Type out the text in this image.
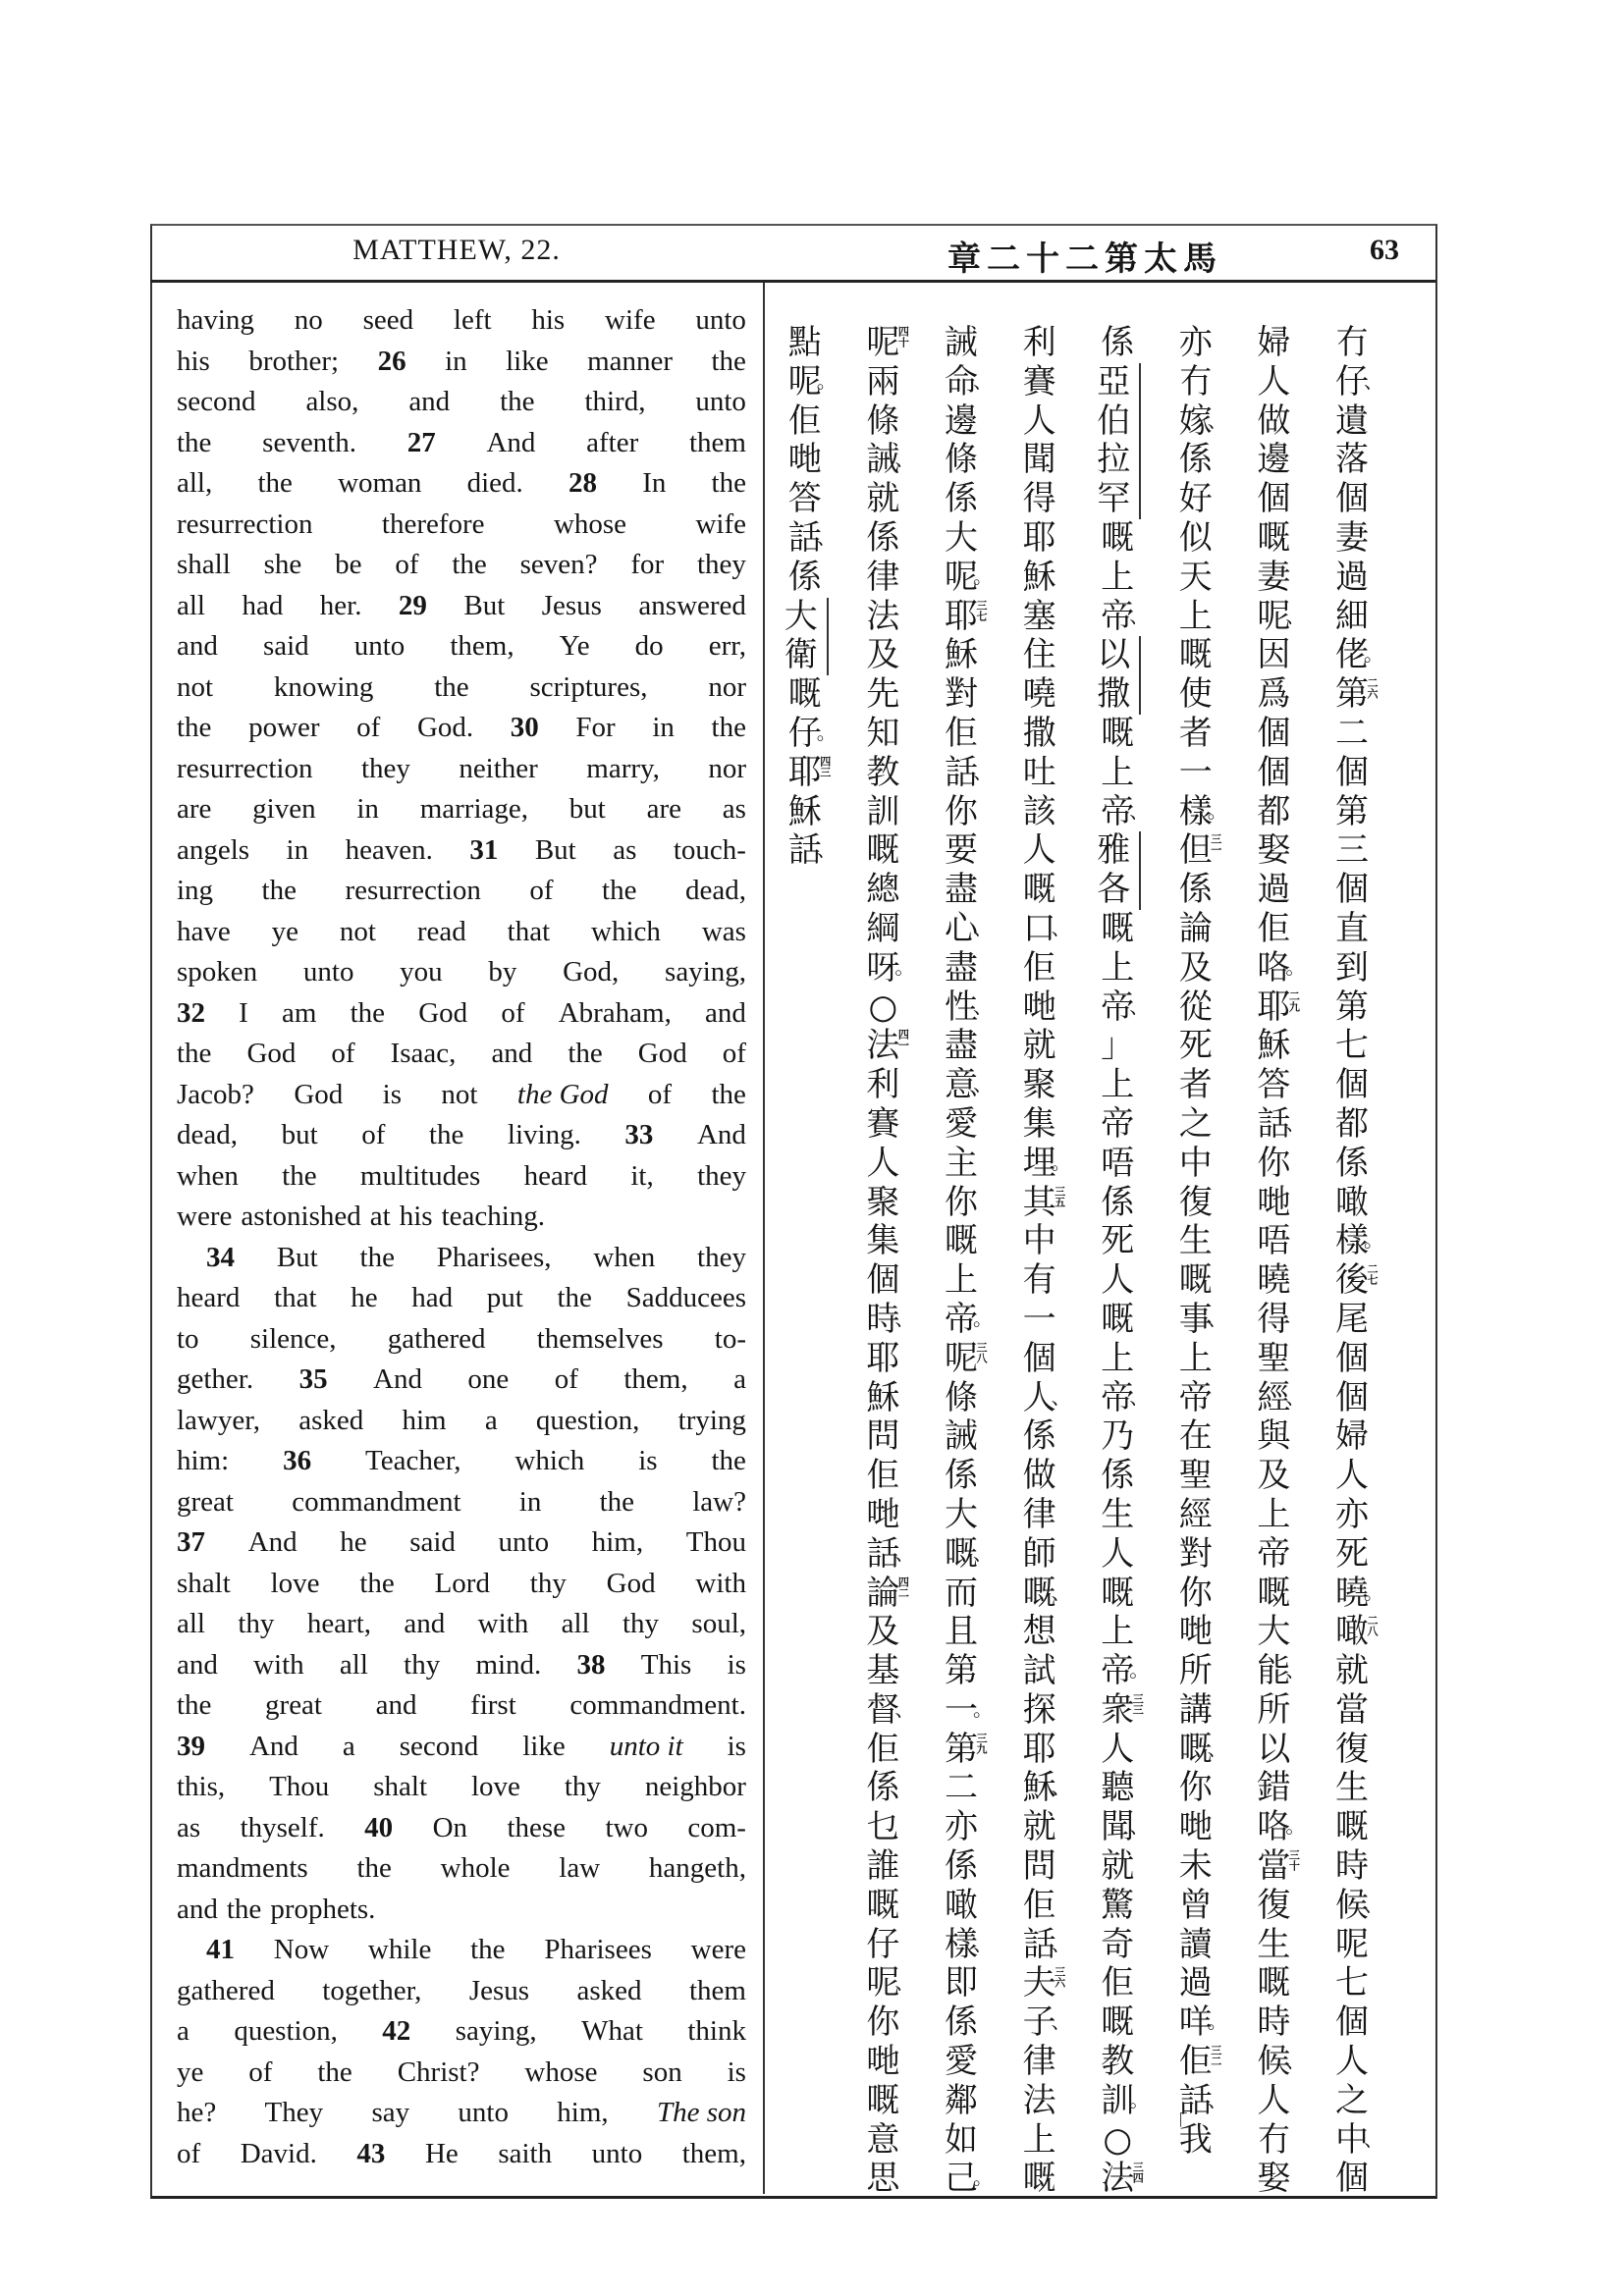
MATTHEW, 22.	馬太第二十二章	63
having no seed left his wife unto
his brother; 26 in like manner the
second also, and the third, unto
the seventh. 27 And after them
all, the woman died. 28 In the
resurrection therefore whose wife
shall she be of the seven? for they
all had her. 29 But Jesus answered
and said unto them, Ye do err,
not knowing the scriptures, nor
the power of God. 30 For in the
resurrection they neither marry, nor
are given in marriage, but are as
angels in heaven. 31 But as touch-
ing the resurrection of the dead,
have ye not read that which was
spoken unto you by God, saying,
32 I am the God of Abraham, and
the God of Isaac, and the God of
Jacob? God is not the God of the
dead, but of the living. 33 And
when the multitudes heard it, they
were astonished at his teaching.
34 But the Pharisees, when they
heard that he had put the Sadducees
to silence, gathered themselves to-
gether. 35 And one of them, a
lawyer, asked him a question, trying
him: 36 Teacher, which is the
great commandment in the law?
37 And he said unto him, Thou
shalt love the Lord thy God with
all thy heart, and with all thy soul,
and with all thy mind. 38 This is
the great and first commandment.
39 And a second like unto it is
this, Thou shalt love thy neighbor
as thyself. 40 On these two com-
mandments the whole law hangeth,
and the prophets.
41 Now while the Pharisees were
gathered together, Jesus asked them
a question, 42 saying, What think
ye of the Christ? whose son is
he? They say unto him, The son
of David. 43 He saith unto them,
冇
仔
、
遺
落
個
妻
過
細
佬
。
第
二六
二
個
第
三
個
直
到
第
七
個
都
係
噉
樣
。
後
二七
尾
個
個
婦
人
亦
死
曉
。
噉
二八
就
當
復
生
嘅
時
候
、
呢
七
個
人
之
中
、
個
婦
人
做
邊
個
嘅
妻
呢
、
因
爲
個
個
都
娶
過
佢
咯
。
耶
二九
穌
答
話
、
你
哋
唔
曉
得
聖
經
、
與
及
上
帝
嘅
大
能
、
所
以
錯
咯
。
當
三十
復
生
嘅
時
候
、
人
冇
娶
亦
冇
嫁
、
係
好
似
天
上
嘅
使
者
一
樣
。
但
三一
係
論
及
從
死
者
之
中
復
生
嘅
事
、
上
帝
在
聖
經
對
你
哋
所
講
嘅
、
你
哋
未
曾
讀
過
咩
。
佢
三二
話
、
我
「
係
亞
伯
拉
罕
嘅
上
帝
、
以
撒
嘅
上
帝
、
雅
各
嘅
上
帝
、
」
上
帝
唔
係
死
人
嘅
上
帝
、
乃
係
生
人
嘅
上
帝
。
衆
三三
人
聽
聞
、
就
驚
奇
佢
嘅
教
訓
。
○
法
三四
利
賽
人
聞
得
耶
穌
塞
住
嘵
撒
吐
該
人
嘅
口
、
佢
哋
就
聚
集
埋
。
其
三五
中
有
一
個
人
、
係
做
律
師
嘅
、
想
試
探
耶
穌
、
就
問
佢
話
、
夫
三六
子
、
律
法
上
嘅
誡
命
、
邊
條
係
大
呢
。
耶
三七
穌
對
佢
話
、
你
要
盡
心
、
盡
性
、
盡
意
、
愛
主
你
嘅
上
帝
。
呢
三八
條
誡
係
大
嘅
、
而
且
第
一
。
第
三九
二
亦
係
噉
樣
、
即
係
愛
鄰
如
己
。
呢
四十
兩
條
誡
、
就
係
律
法
及
先
知
教
訓
嘅
總
綱
呀
。
○
法
四一
利
賽
人
聚
集
個
時
、
耶
穌
問
佢
哋
話
、
論
四二
及
基
督
、
佢
係
乜
誰
嘅
仔
呢
、
你
哋
嘅
意
思
點
呢
。
佢
哋
答
話
、
係
大
衛
嘅
仔
。
耶
四三
穌
話
、
